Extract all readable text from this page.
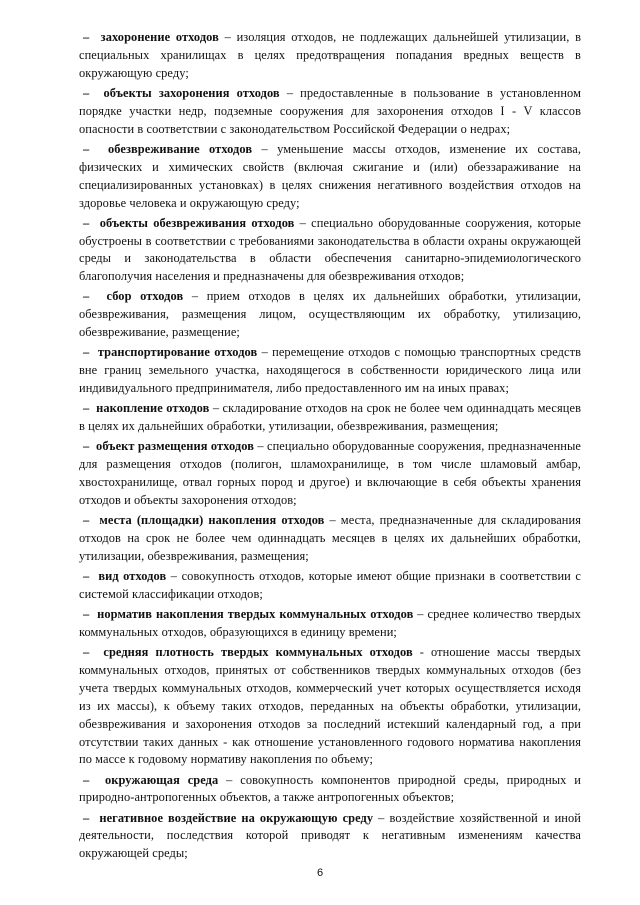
– захоронение отходов – изоляция отходов, не подлежащих дальнейшей утилизации, в специальных хранилищах в целях предотвращения попадания вредных веществ в окружающую среду;

– объекты захоронения отходов – предоставленные в пользование в установленном порядке участки недр, подземные сооружения для захоронения отходов I - V классов опасности в соответствии с законодательством Российской Федерации о недрах;

– обезвреживание отходов – уменьшение массы отходов, изменение их состава, физических и химических свойств (включая сжигание и (или) обеззараживание на специализированных установках) в целях снижения негативного воздействия отходов на здоровье человека и окружающую среду;

– объекты обезвреживания отходов – специально оборудованные сооружения, которые обустроены в соответствии с требованиями законодательства в области охраны окружающей среды и законодательства в области обеспечения санитарно-эпидемиологического благополучия населения и предназначены для обезвреживания отходов;

– сбор отходов – прием отходов в целях их дальнейших обработки, утилизации, обезвреживания, размещения лицом, осуществляющим их обработку, утилизацию, обезвреживание, размещение;

– транспортирование отходов – перемещение отходов с помощью транспортных средств вне границ земельного участка, находящегося в собственности юридического лица или индивидуального предпринимателя, либо предоставленного им на иных правах;

– накопление отходов – складирование отходов на срок не более чем одиннадцать месяцев в целях их дальнейших обработки, утилизации, обезвреживания, размещения;

– объект размещения отходов – специально оборудованные сооружения, предназначенные для размещения отходов (полигон, шламохранилище, в том числе шламовый амбар, хвостохранилище, отвал горных пород и другое) и включающие в себя объекты хранения отходов и объекты захоронения отходов;

– места (площадки) накопления отходов – места, предназначенные для складирования отходов на срок не более чем одиннадцать месяцев в целях их дальнейших обработки, утилизации, обезвреживания, размещения;

– вид отходов – совокупность отходов, которые имеют общие признаки в соответствии с системой классификации отходов;

– норматив накопления твердых коммунальных отходов – среднее количество твердых коммунальных отходов, образующихся в единицу времени;

– средняя плотность твердых коммунальных отходов - отношение массы твердых коммунальных отходов, принятых от собственников твердых коммунальных отходов (без учета твердых коммунальных отходов, коммерческий учет которых осуществляется исходя из их массы), к объему таких отходов, переданных на объекты обработки, утилизации, обезвреживания и захоронения отходов за последний истекший календарный год, а при отсутствии таких данных - как отношение установленного годового норматива накопления по массе к годовому нормативу накопления по объему;

– окружающая среда – совокупность компонентов природной среды, природных и природно-антропогенных объектов, а также антропогенных объектов;

– негативное воздействие на окружающую среду – воздействие хозяйственной и иной деятельности, последствия которой приводят к негативным изменениям качества окружающей среды;

6
